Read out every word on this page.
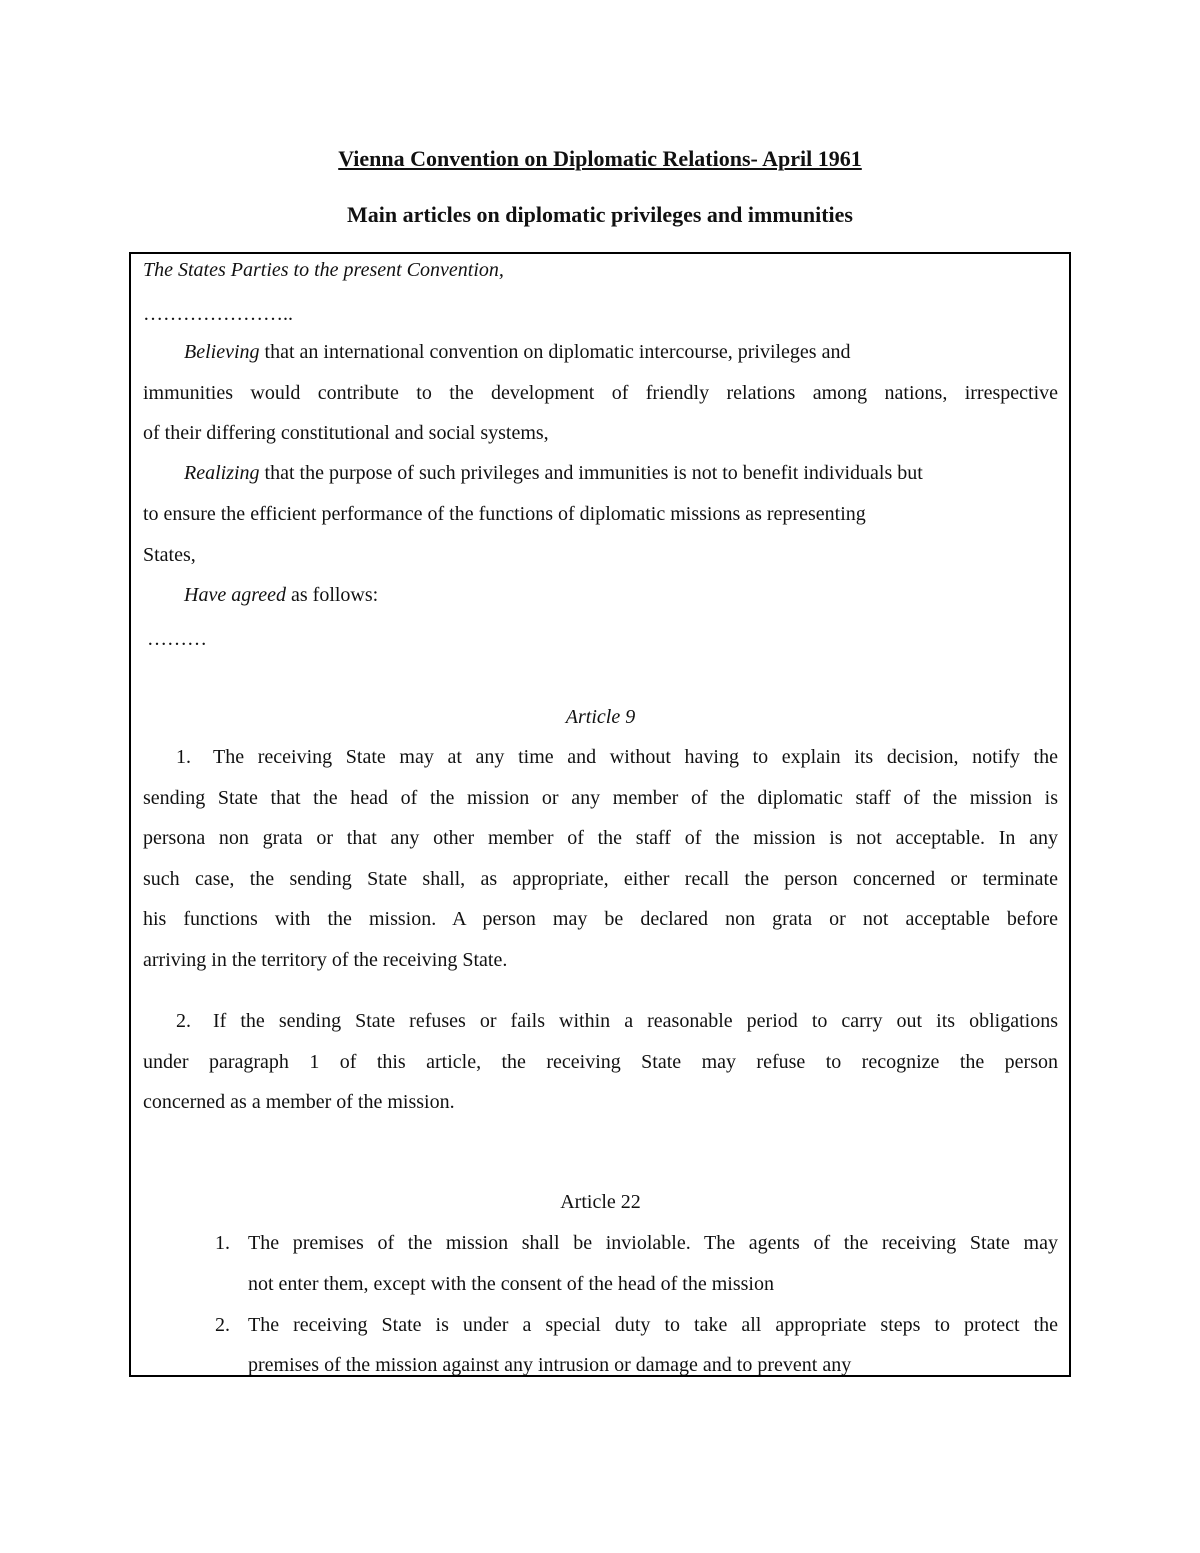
Vienna Convention on Diplomatic Relations- April 1961
Main articles on diplomatic privileges and immunities
The States Parties to the present Convention,
…………………..
Believing that an international convention on diplomatic intercourse, privileges and
immunities would contribute to the development of friendly relations among nations, irrespective
of their differing constitutional and social systems,
Realizing that the purpose of such privileges and immunities is not to benefit individuals but
to ensure the efficient performance of the functions of diplomatic missions as representing
States,
Have agreed as follows:
………
Article 9
1. The receiving State may at any time and without having to explain its decision, notify the
sending State that the head of the mission or any member of the diplomatic staff of the mission is
persona non grata or that any other member of the staff of the mission is not acceptable. In any
such case, the sending State shall, as appropriate, either recall the person concerned or terminate
his functions with the mission. A person may be declared non grata or not acceptable before
arriving in the territory of the receiving State.
2. If the sending State refuses or fails within a reasonable period to carry out its obligations
under paragraph 1 of this article, the receiving State may refuse to recognize the person
concerned as a member of the mission.
Article 22
1. The premises of the mission shall be inviolable. The agents of the receiving State may
not enter them, except with the consent of the head of the mission
2. The receiving State is under a special duty to take all appropriate steps to protect the
premises of the mission against any intrusion or damage and to prevent any
